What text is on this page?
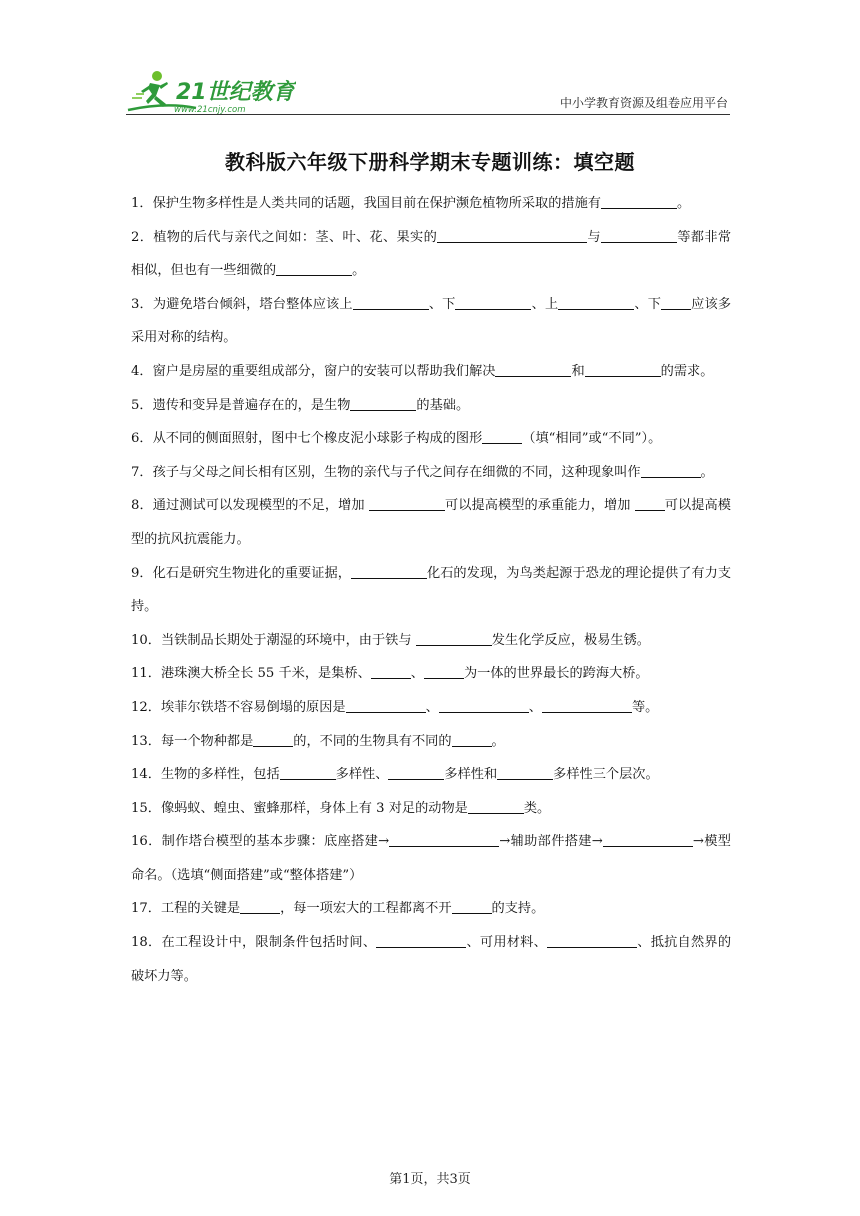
21世纪教育
www.21cnjy.com	中小学教育资源及组卷应用平台
教科版六年级下册科学期末专题训练：填空题

1．保护生物多样性是人类共同的话题，我国目前在保护濒危植物所采取的措施有	。

2．植物的后代与亲代之间如：茎、叶、花、果实的	与	等都非常相似，但也有一些细微的	。

3．为避免塔台倾斜，塔台整体应该上	、下	、上	、下 应该多采用对称的结构。

4．窗户是房屋的重要组成部分，窗户的安装可以帮助我们解决	和	的需求。

5．遗传和变异是普遍存在的，是生物	的基础。

6．从不同的侧面照射，图中七个橡皮泥小球影子构成的图形	（填“相同”或“不同”）。

7．孩子与父母之间长相有区别，生物的亲代与子代之间存在细微的不同，这种现象叫作	。

8．通过测试可以发现模型的不足，增加	可以提高模型的承重能力，增加 可以提高模型的抗风抗震能力。

9．化石是研究生物进化的重要证据，	化石的发现，为鸟类起源于恐龙的理论提供了有力支持。

10．当铁制品长期处于潮湿的环境中，由于铁与	发生化学反应，极易生锈。

11．港珠澳大桥全长 55 千米，是集桥、	、	为一体的世界最长的跨海大桥。

12．埃菲尔铁塔不容易倒塌的原因是	、	、	等。

13．每一个物种都是	的，不同的生物具有不同的	。

14．生物的多样性，包括	多样性、	多样性和	多样性三个层次。

15．像蚂蚁、蝗虫、蜜蜂那样，身体上有 3 对足的动物是	类。

16．制作塔台模型的基本步骤：底座搭建→	→辅助部件搭建→	→模型命名。（选填“侧面搭建”或“整体搭建”）

17．工程的关键是	，每一项宏大的工程都离不开	的支持。

18．在工程设计中，限制条件包括时间、	、可用材料、	、抵抗自然界的破坏力等。

第1页，共3页
